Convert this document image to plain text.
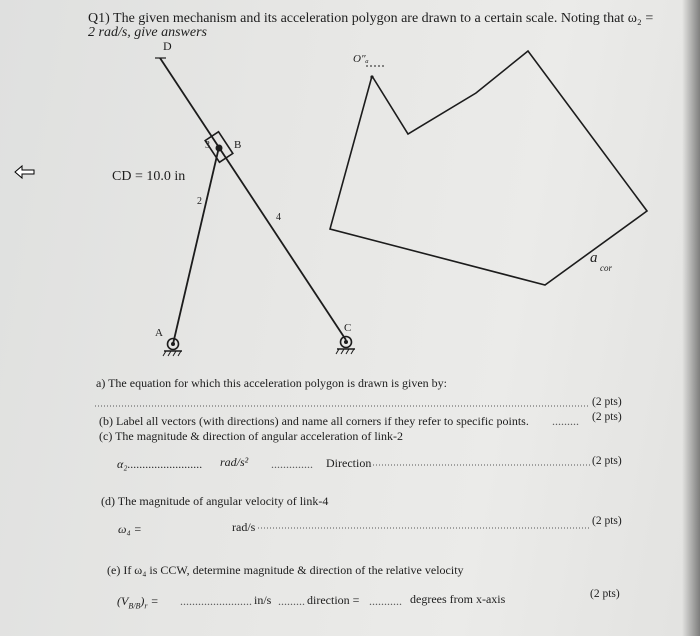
Q1) The given mechanism and its acceleration polygon are drawn to a certain scale. Noting that ω₂ =
2 rad/s, give answers
D
B
3
2
4
A	C
CD = 10.0 in
O″ₐ
a
cor
a) The equation for which this acceleration polygon is drawn is given by:
(2 pts)
(b) Label all vectors (with directions) and name all corners if they refer to specific points. ......... (2 pts)
(c) The magnitude & direction of angular acceleration of link-2
α₂......................... rad/s² .............. Direction	(2 pts)
(d) The magnitude of angular velocity of link-4
ω₄ =	rad/s	(2 pts)
(e) If ω₄ is CCW, determine magnitude & direction of the relative velocity
$(V_{B/B})_r$ = ........................ in/s ......... direction = ........... degrees from x-axis	(2 pts)
